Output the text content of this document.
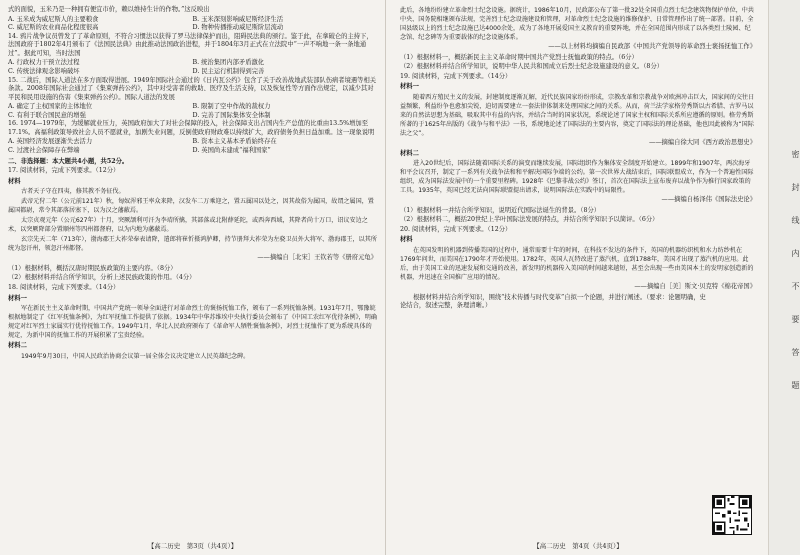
式的面貌，玉米乃是一种拥有便宜市价，赖以维持生计的作物。”这反映出

A. 玉米成为威尼斯人的主要粮食	B. 玉米深刻影响威尼斯经济生活
C. 威尼斯的农业商品化程度很高	D. 物种传播推动威尼斯阶层流动

14. 鸦片战争议员曾发了了革命原则，不符合习惯法以获得了罗马法律保护而出，阻碍民法典的颁行。鉴于此，在拿破仑的主持下，法国政府于1802年4月颁布了《法国民法典》由此推动法国政治进程，并于1804年3月正式在立法院中“一声不响地一条一条地通过”。据此可知，当时法国

A. 行政权力干预立法过程	B. 统治集团内部矛盾激化
C. 传统法律观念影响破坏	D. 民主运行机制得到完善

15. 二战后，国际人道法在多方面取得进展。1949年国际社会通过的《日内瓦公约》包含了关于改善战地武装部队伤病者境遇等相关条款。2008年国际社会通过了《集束弹药公约》，其中对受害者的救助、医疗及生活支持，以及恢复性等方面作出规定，以减少其对平民和民用设施的伤害《集束弹药公约》。国际人道法的发展

A. 确定了主权国家的主体地位	B. 限制了空中作战的裁权力
C. 有利于联合国民意的增强	D. 完善了国际集体安全体制

16. 1974—1979年，为缓解就业压力，英国政府加大了对社会保障的投入，社会保障支出占国内生产总值的比重由13.5%增加至17.1%。高福利政策导致社会人员不愿就业，加剧失业问题，反倒使政府财政难以持续扩大，政府债务负担日益加重。这一现象说明

A. 英国经济发展逐渐失去活力	B. 资本主义基本矛盾始终存在
C. 过渡社会保障存在弊端	D. 英国尚未建成“福利国家”

二、非选择题：本大题共4小题，共52分。

17. 阅读材料，完成下列要求。（12分）

材料

古者天子守在四夷，修其教不务征伐。

武帝元狩二年（公元前121年）秋，匈奴浑邪王率众来降，汉发车二万乘迎之，置五属国以处之，因其故俗为属国，故谓之属国，置属国都尉，常令其部落居塞下，以为汉之藩蔽焉。

太宗贞观元年（公元627年）十月，突厥颉利可汗为李靖所擒，其部落或北附薛延陀，或西奔西域，其降者尚十万口，诏议安边之术，以突厥降部分置顺州等四州都督府，以为内地为藩蔽焉。

玄宗先天二年（713年），渤海郡王大祚荣奉表请降，遣郎将崔忻摄鸿胪卿，持节册拜大祚荣为左骁卫员外大将军、渤海郡王，以其所统为忽汗州，领忽汗州都督。

——摘编自［北宋］王钦若等《册府元龟》

（1）根据材料，概括汉唐时期民族政策的主要内容。（8分）

（2）根据材料并结合所学知识，分析上述民族政策的作用。（4分）

18. 阅读材料，完成下列要求。（14分）

材料一

军在新民主主义革命时期，中国共产党统一领导全面进行对革命烈士的褒扬抚恤工作，颁布了一系列抚恤条例。1931年7月，鄂豫皖根据地制定了《红军抚恤条例》，为红军抚恤工作提供了依据。1934年中华苏维埃中央执行委员会颁布了《中国工农红军优待条例》，明确规定对红军烈士家属实行优待抚恤工作。1949年1月，华北人民政府颁布了《革命军人牺牲褒恤条例》，对烈士抚恤作了更为系统具体的规定，为新中国的抚恤工作的开展积累了宝贵经验。

材料二

1949年9月30日，中国人民政治协商会议第一届全体会议决定建立人民英雄纪念碑。

【高二历史　第3页（共4页）】

此后，各地纷纷建立革命烈士纪念设施。据统计，1986年10月，民政部公布了第一批32处全国重点烈士纪念建筑物保护单位，中共中央、国务院相继颁布法规，完善烈士纪念设施建设和管理，对革命烈士纪念设施的维修保护、日常管理作出了统一部署。目前，全国县级以上的烈士纪念设施已达4000余处，成为了各地开展爱国主义教育的重要阵地，并在全国范围内形成了以各类烈士陵园、纪念馆、纪念碑等为重要载体的纪念设施体系。

——以上材料均摘编自民政部《中国共产党领导的革命烈士褒扬抚恤工作》

（1）根据材料一，概括新民主主义革命时期中国共产党烈士抚恤政策的特点。（6分）

（2）根据材料并结合所学知识，说明中华人民共和国成立后烈士纪念设施建设的意义。（8分）

19. 阅读材料，完成下列要求。（14分）

材料一

随着西方殖民主义的发展，封建制度逐渐瓦解，近代民族国家纷纷形成，宗教改革和宗教战争对欧洲冲击巨大，国家间的交往日益频繁，利益纷争也愈加尖锐，迫切需要建立一套法律体制来处理国家之间的关系。从而，荷兰法学家格劳秀斯以古希腊、古罗马以来的自然法思想为基础，吸取其中有益的内容，并结合当时的国家状况，系统论述了国家主权和国际关系所应遵循的原则。格劳秀斯所著的于1625年出版的《战争与和平法》一书，系统地论述了国际法的主要内容，奠定了国际法的理论基础，他也因此被称为“国际法之父”。

——摘编自徐大同《西方政治思想史》

材料二

进入20世纪后，国际法随着国际关系的演变而继续发展，国际组织作为集体安全制度开始建立。1899年和1907年，两次海牙和平会议召开，制定了一系列有关战争法和和平解决国际争端的公约。第一次世界大战结束后，国际联盟成立，作为一个普遍性国际组织，成为国际法发展中的一个重要里程碑。1928年《巴黎非战公约》签订，首次在国际法上宣布废弃以战争作为推行国家政策的工具。1935年，英国已经无法向国际联盟提出请求，说明国际法在实践中的局限性。

——摘编自杨泽伟《国际法史论》

（1）根据材料一并结合所学知识，说明近代国际法诞生的背景。（8分）

（2）根据材料二，概括20世纪上半叶国际法发展的特点，并结合所学知识予以简评。（6分）

20. 阅读材料，完成下列要求。（12分）

材料

在英国发明的机器到传播美国的过程中，通常需要十年的时间，在科技不发达的条件下，英国的机器纺织机和水力纺纱机在1769年问世，而美国在1790年才开始使用。1782年，英国人瓦特改进了蒸汽机，直到1788年，美国才出现了蒸汽机的应用。此后，由于美国工业的迅速发展和交通的改善，新发明的机器传入美国的时间越来越短，甚至会出现一些由美国本土的发明家创造新的机器，并迅速在全国推广应用的情况。

——摘编自［美］斯文·贝克特《棉花帝国》

根据材料并结合所学知识，围绕“技术传播与时代变革”自拟一个论题，并进行阐述。（要求：论题明确，史论结合，叙述完整，条理清晰。）

【高二历史　第4页（共4页）】
密封线内不要答题
